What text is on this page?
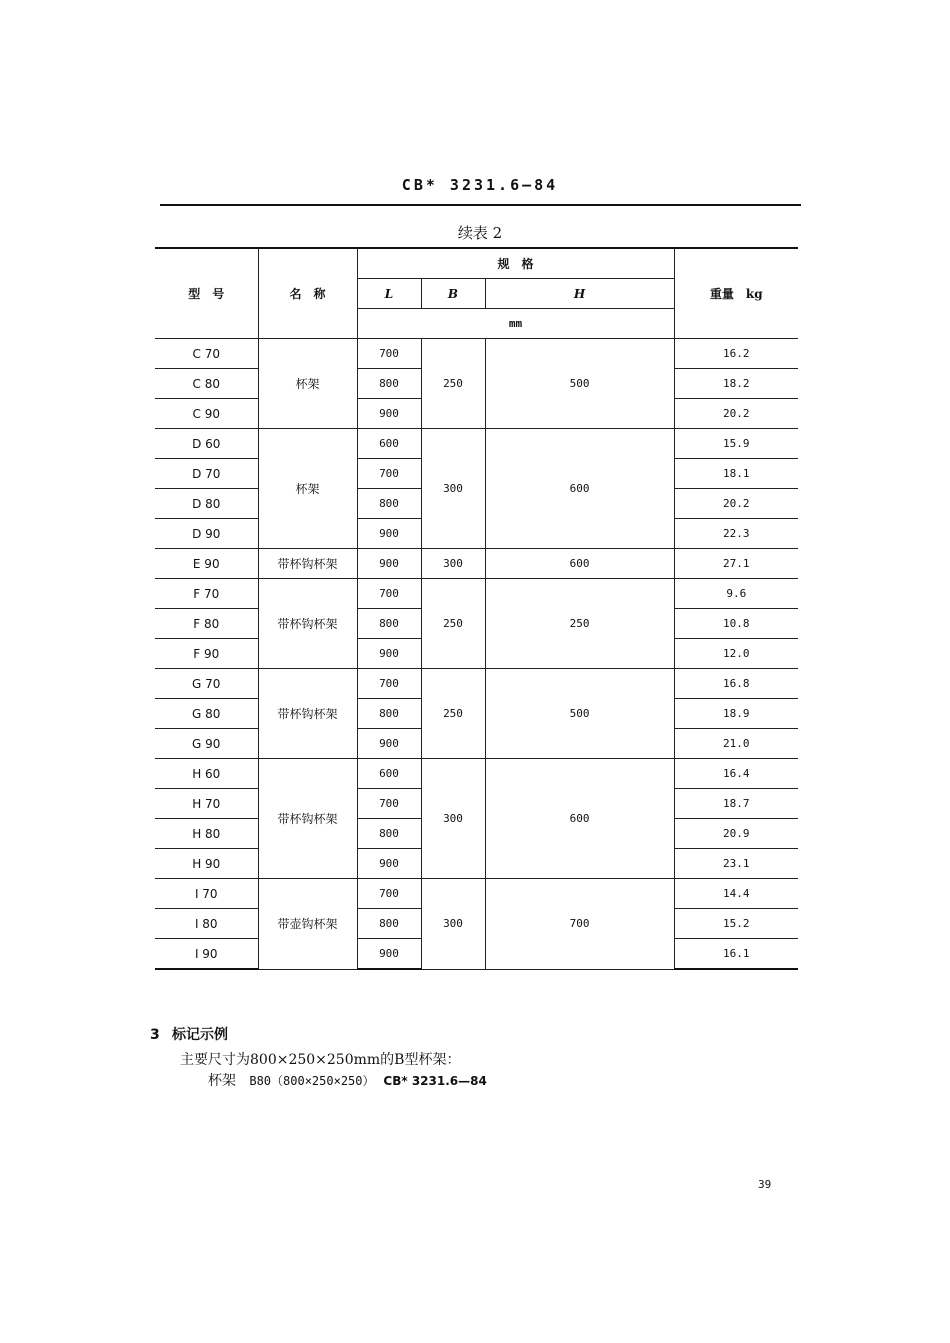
CB* 3231.6—84
续表 2
型　号	名　称	规　格			重量　kg
		L	B	H	
		mm			
C 70	杯架	700	250	500	16.2
C 80		800			18.2
C 90		900			20.2
D 60	杯架	600	300	600	15.9
D 70		700			18.1
D 80		800			20.2
D 90		900			22.3
E 90	带杯钩杯架	900	300	600	27.1
F 70	带杯钩杯架	700	250	250	9.6
F 80		800			10.8
F 90		900			12.0
G 70	带杯钩杯架	700	250	500	16.8
G 80		800			18.9
G 90		900			21.0
H 60	带杯钩杯架	600	300	600	16.4
H 70		700			18.7
H 80		800			20.9
H 90		900			23.1
I 70	带壶钩杯架	700	300	700	14.4
I 80		800			15.2
I 90		900			16.1
3 标记示例
主要尺寸为800×250×250mm的B型杯架：
杯架 B80（800×250×250） CB* 3231.6—84
39
